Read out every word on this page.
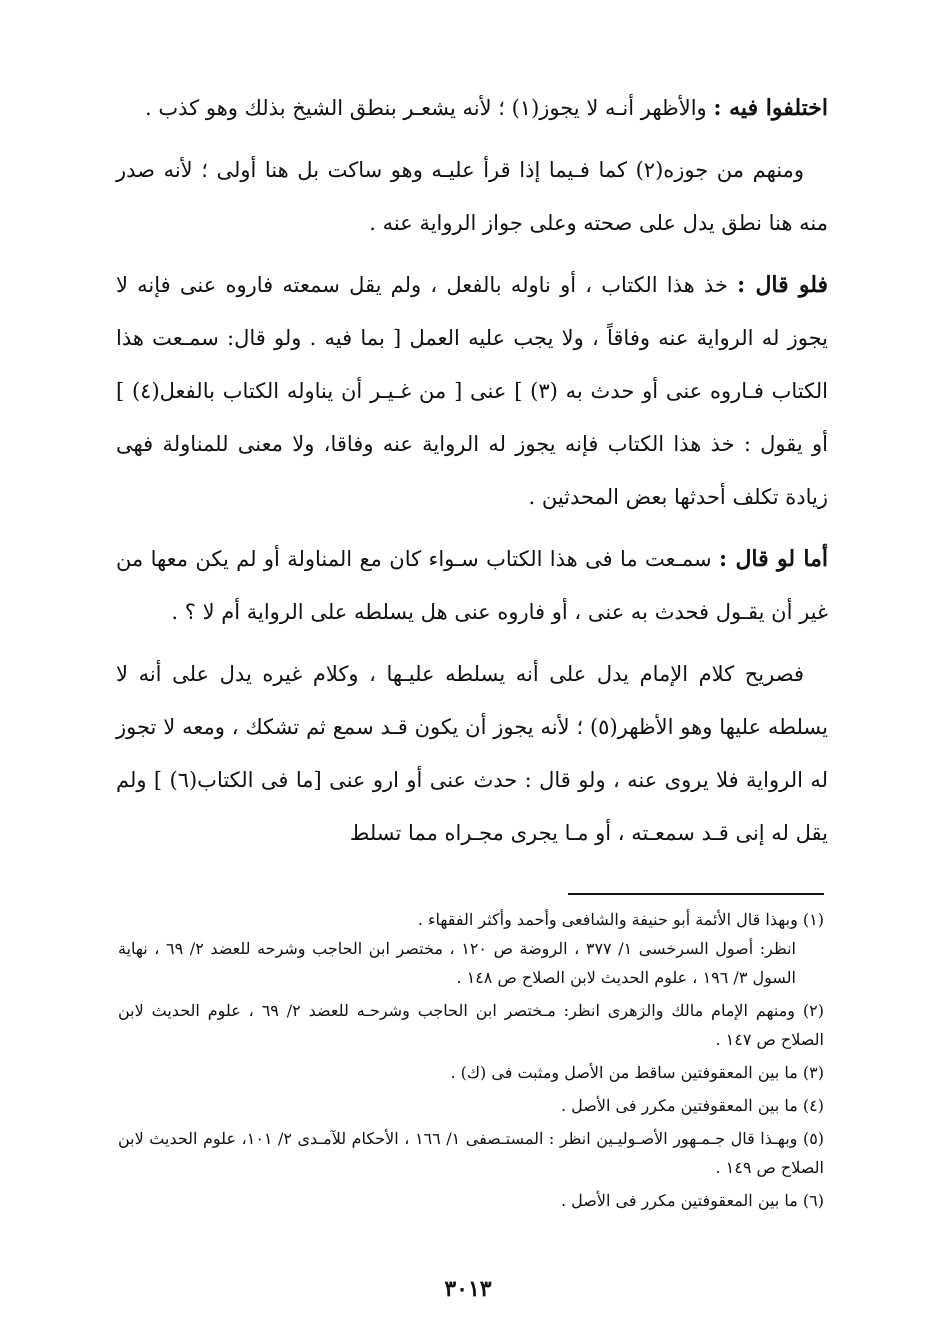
اختلفوا فيه : والأظهر أنـه لا يجوز(١) ؛ لأنه يشعـر بنطق الشيخ بذلك وهو كذب .

ومنهم من جوزه(٢) كما فـيما إذا قرأ عليـه وهو ساكت بل هنا أولى ؛ لأنه صدر منه هنا نطق يدل على صحته وعلى جواز الرواية عنه .

فلو قال : خذ هذا الكتاب ، أو ناوله بالفعل ، ولم يقل سمعته فاروه عنى فإنه لا يجوز له الرواية عنه وفاقاً ، ولا يجب عليه العمل [ بما فيه . ولو قال: سمـعت هذا الكتاب فـاروه عنى أو حدث به (٣) ] عنى [ من غـيـر أن يناوله الكتاب بالفعل(٤) ] أو يقول : خذ هذا الكتاب فإنه يجوز له الرواية عنه وفاقا، ولا معنى للمناولة فهى زيادة تكلف أحدثها بعض المحدثين .

أما لو قال : سمـعت ما فى هذا الكتاب سـواء كان مع المناولة أو لم يكن معها من غير أن يقـول فحدث به عنى ، أو فاروه عنى هل يسلطه على الرواية أم لا ؟ .

فصريح كلام الإمام يدل على أنه يسلطه عليـها ، وكلام غيره يدل على أنه لا يسلطه عليها وهو الأظهر(٥) ؛ لأنه يجوز أن يكون قـد سمع ثم تشكك ، ومعه لا تجوز له الرواية فلا يروى عنه ، ولو قال : حدث عنى أو ارو عنى [ما فى الكتاب(٦) ] ولم يقل له إنى قـد سمعـته ، أو مـا يجرى مجـراه مما تسلط

(١) وبهذا قال الأئمة أبو حنيفة والشافعى وأحمد وأكثر الفقهاء .
انظر: أصول السرخسى ١/ ٣٧٧ ، الروضة ص ١٢٠ ، مختصر ابن الحاجب وشرحه للعضد ٢/ ٦٩ ، نهاية السول ٣/ ١٩٦ ، علوم الحديث لابن الصلاح ص ١٤٨ .

(٢) ومنهم الإمام مالك والزهرى انظر: مـختصر ابن الحاجب وشرحـه للعضد ٢/ ٦٩ ، علوم الحديث لابن الصلاح ص ١٤٧ .

(٣) ما بين المعقوفتين ساقط من الأصل ومثبت فى (ك) .

(٤) ما بين المعقوفتين مكرر فى الأصل .

(٥) وبهـذا قال جـمـهور الأصـوليـين انظر : المستـصفى ١/ ١٦٦ ، الأحكام للآمـدى ٢/ ١٠١، علوم الحديث لابن الصلاح ص ١٤٩ .

(٦) ما بين المعقوفتين مكرر فى الأصل .

٣٠١٣
